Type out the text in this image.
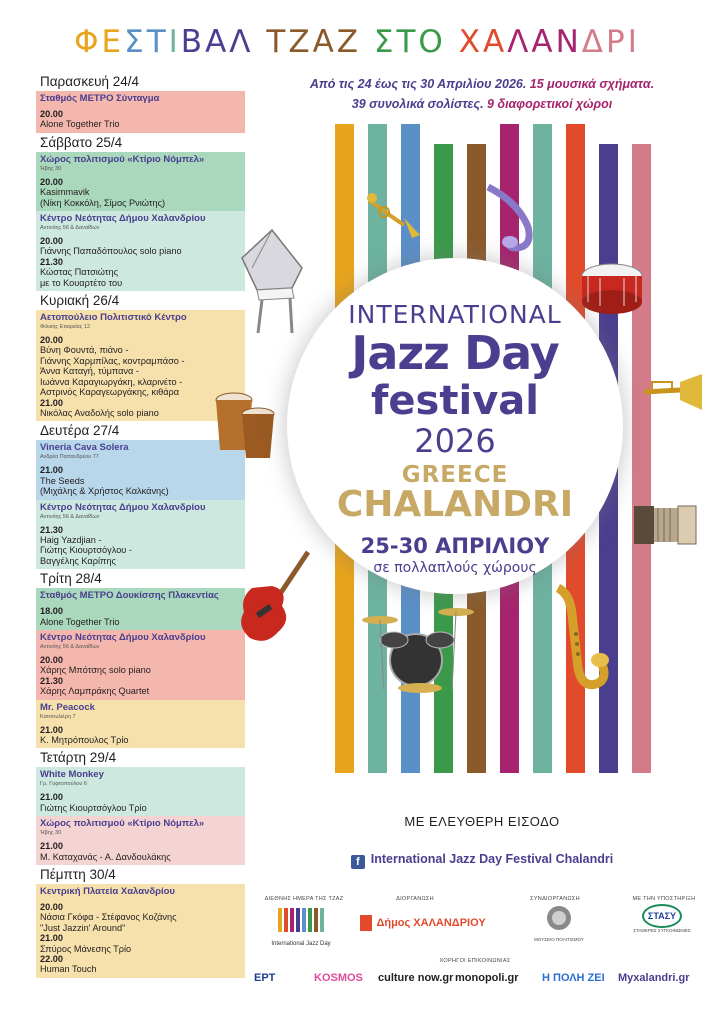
ΦΕΣΤΙΒΑΛ ΤΖΑΖ ΣΤΟ ΧΑΛΑΝΔΡΙ
Παρασκευή 24/4
Σταθμός ΜΕΤΡΟ Σύνταγμα
20.00
Alone Together Trio
Σάββατο 25/4
Χώρος πολιτισμού «Κτίριο Νόμπελ»
Ήβης 30
20.00
Kasimmavik
(Νίκη Κοκκόλη, Σίμος Ρνιώτης)
Κέντρο Νεότητας Δήμου Χαλανδρίου
Αντινόης 56 & Δαναΐδων
20.00
Γιάννης Παπαδόπουλος solo piano
21.30
Κώστας Πατσιώτης
με το Κουαρτέτο του
Κυριακή 26/4
Αετοπούλειο Πολιτιστικό Κέντρο
Φιλικής Εταιρείας 12
20.00
Βύνη Φουντά, πιάνο -
Γιάννης Χαρμπίλας, κοντραμπάσο -
Άννα Καταγή, τύμπανα -
Ιωάννα Καραγιωργάκη, κλαρινέτο -
Αστρινός Καραγεωργάκης, κιθάρα
21.00
Νικόλας Αναδολής solo piano
Δευτέρα 27/4
Vineria Cava Solera
Ανδρέα Παπανδρέου 77
21.00
The Seeds
(Μιχάλης & Χρήστος Καλκάνης)
Κέντρο Νεότητας Δήμου Χαλανδρίου
Αντινόης 56 & Δαναΐδων
21.30
Haig Yazdjian -
Γιώτης Κιουρτσόγλου -
Βαγγέλης Καρίπης
Τρίτη 28/4
Σταθμός ΜΕΤΡΟ Δουκίσσης Πλακεντίας
18.00
Alone Together Trio
Κέντρο Νεότητας Δήμου Χαλανδρίου
Αντινόης 56 & Δαναΐδων
20.00
Χάρης Μπότσης solo piano
21.30
Χάρης Λαμπράκης Quartet
Mr. Peacock
Κατσουλιέρη 7
21.00
Κ. Μητρόπουλος Τρίο
Τετάρτη 29/4
White Monkey
Γρ. Γυφτοπούλου 6
21.00
Γιώτης Κιουρτσόγλου Τρίο
Χώρος πολιτισμού «Κτίριο Νόμπελ»
Ήβης 30
21.00
Μ. Καταχανάς - Α. Δανδουλάκης
Πέμπτη 30/4
Κεντρική Πλατεία Χαλανδρίου
20.00
Νάσια Γκόφα - Στέφανος Κοζάνης
"Just Jazzin' Around"
21.00
Σπύρος Μάνεσης Τρίο
22.00
Human Touch
Από τις 24 έως τις 30 Απριλίου 2026. 15 μουσικά σχήματα.
39 συνολικά σολίστες. 9 διαφορετικοί χώροι
INTERNATIONAL
Jazz Day
festival
2026
GREECE
CHALANDRI
25-30 ΑΠΡΙΛΙΟΥ
σε πολλαπλούς χώρους
ΜΕ ΕΛΕΥΘΕΡΗ ΕΙΣΟΔΟ
f International Jazz Day Festival Chalandri
ΔΙΕΘΝΗΣ ΗΜΕΡΑ ΤΗΣ ΤΖΑΖ	ΔΙΟΡΓΑΝΩΣΗ	ΣΥΝΔΙΟΡΓΑΝΩΣΗ	ΜΕ ΤΗΝ ΥΠΟΣΤΗΡΙΞΗ
International Jazz Day
Δήμος ΧΑΛΑΝΔΡΙΟΥ
ΜΟΥΣΕΙΟ ΠΟΛΙΤΙΣΜΟΥ
ΣΤΑΣΥ
ΣΤΑΘΕΡΕΣ ΣΥΓΚΟΙΝΩΝΙΕΣ
ΧΟΡΗΓΟΙ ΕΠΙΚΟΙΝΩΝΙΑΣ
ΕΡΤ	KOSMOS culture now.gr monopoli.gr Η ΠΟΛΗ ΖΕΙ Myxalandri.gr
